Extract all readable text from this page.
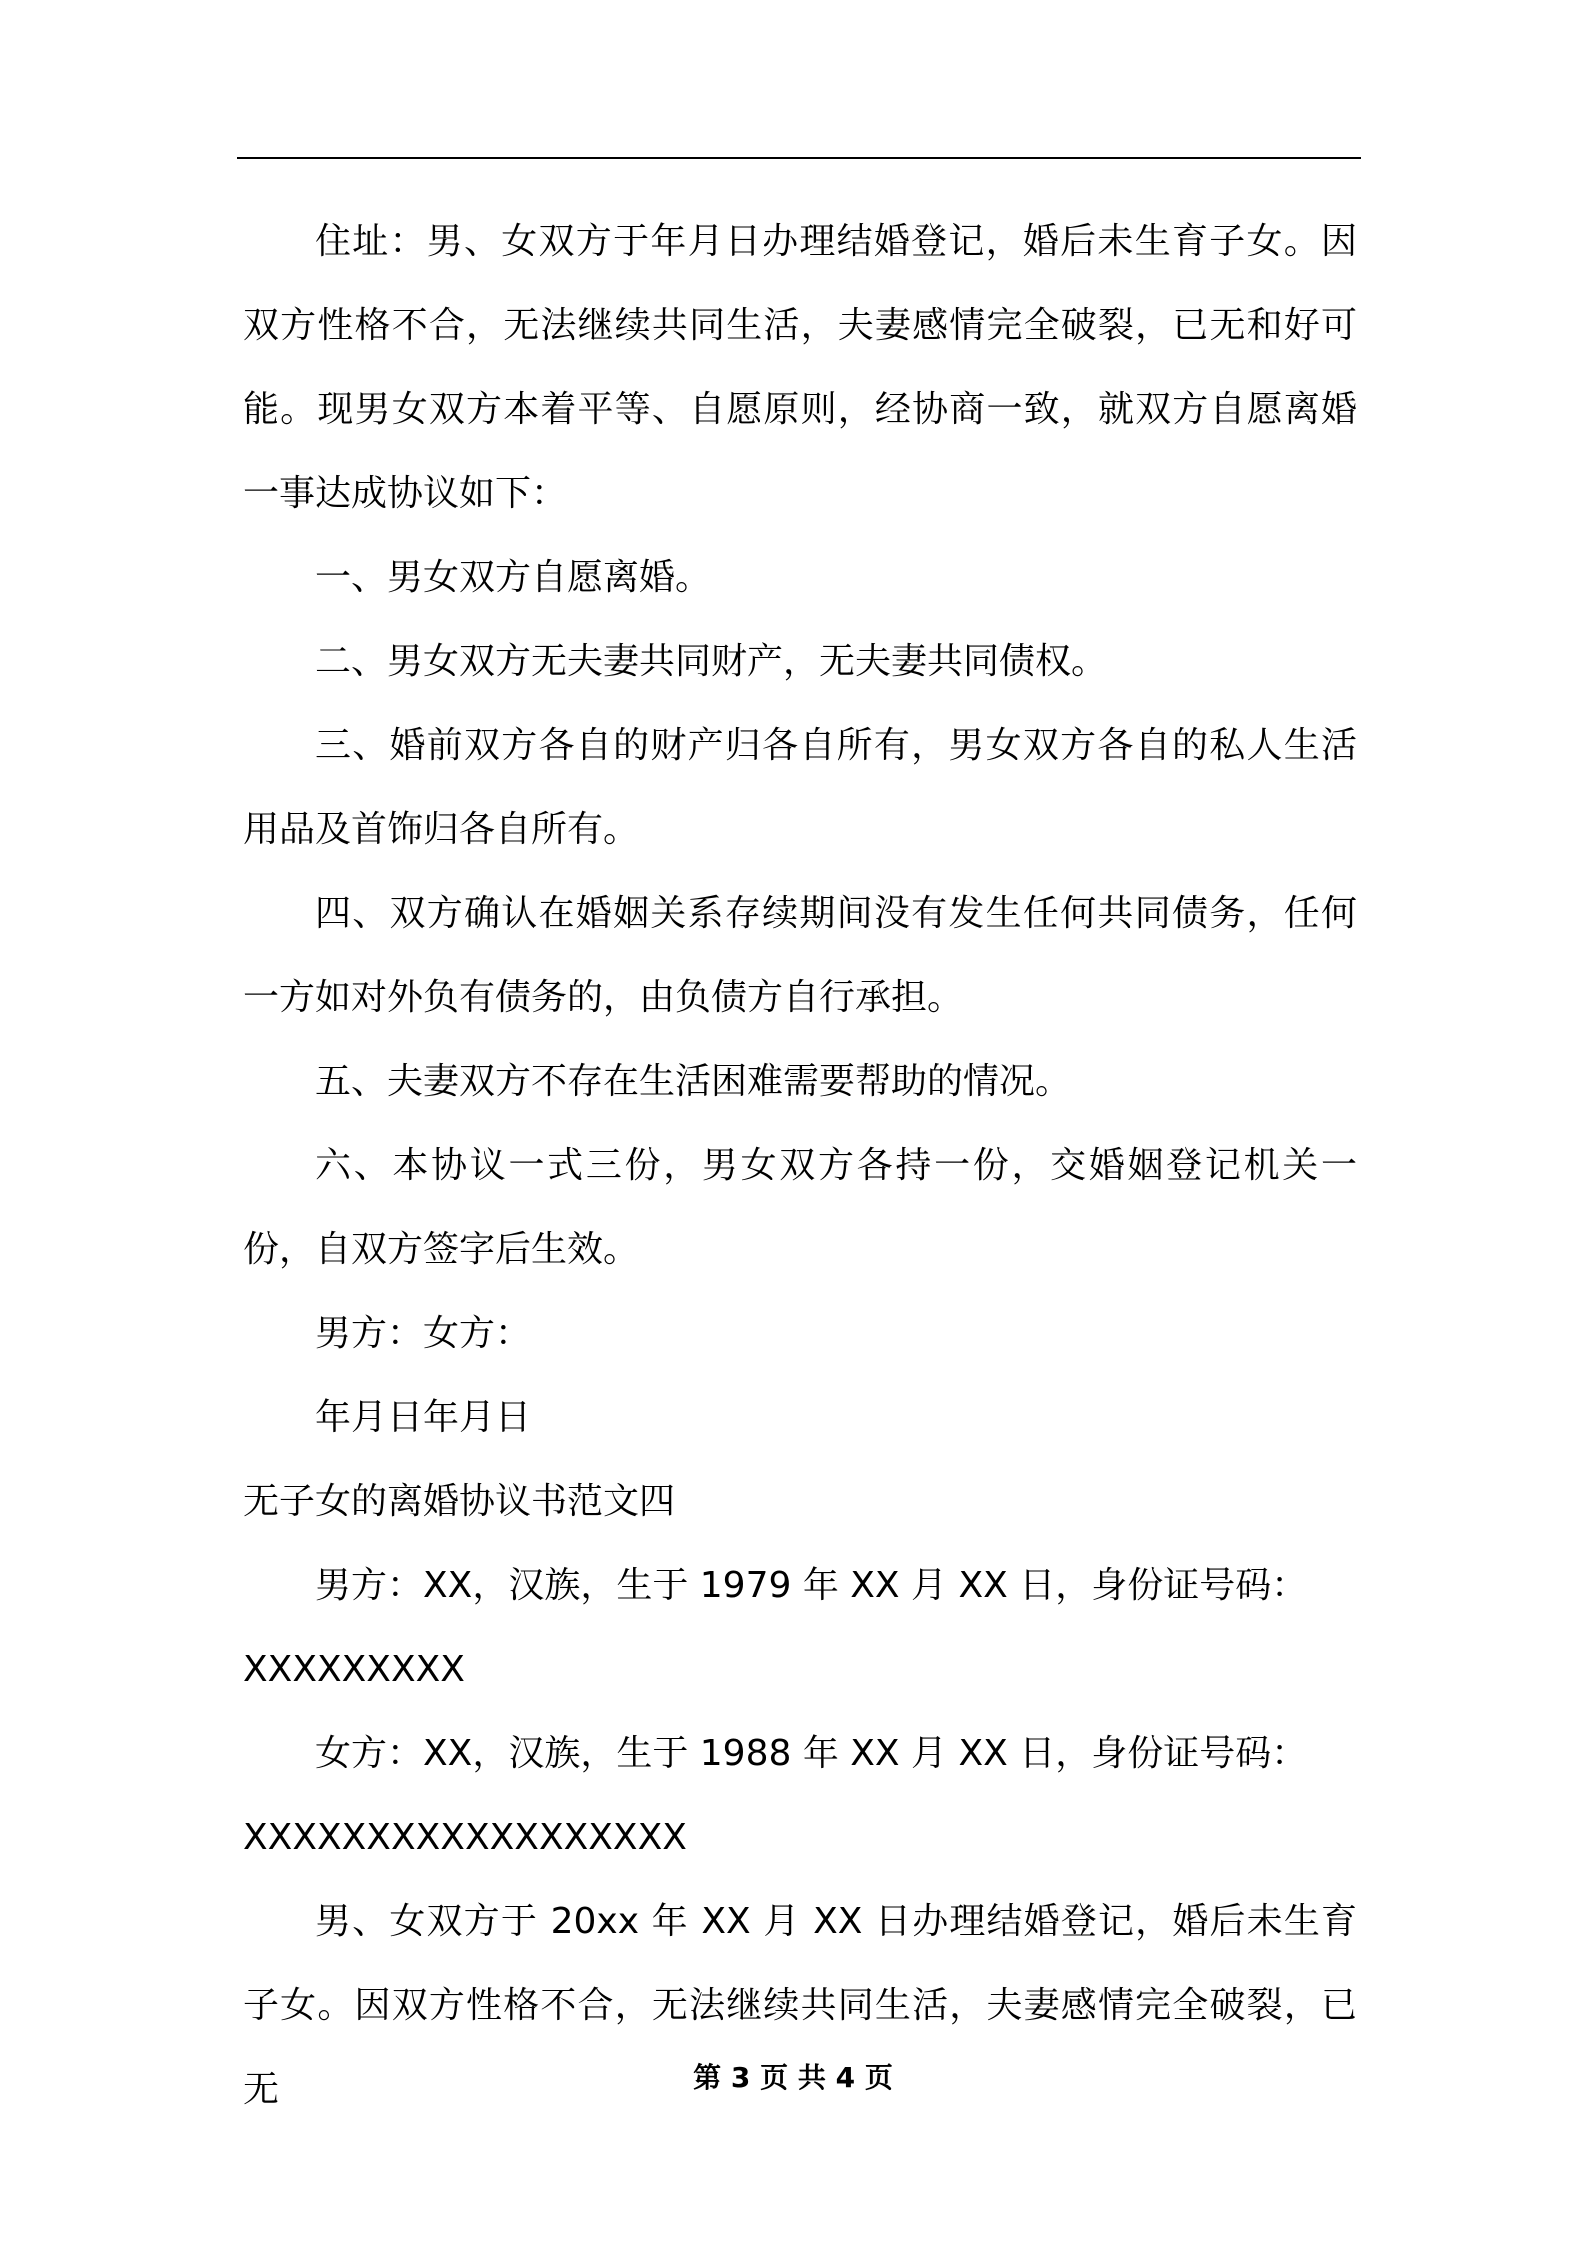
住址：男、女双方于年月日办理结婚登记，婚后未生育子女。因双方性格不合，无法继续共同生活，夫妻感情完全破裂，已无和好可能。现男女双方本着平等、自愿原则，经协商一致，就双方自愿离婚一事达成协议如下：

一、男女双方自愿离婚。

二、男女双方无夫妻共同财产，无夫妻共同债权。

三、婚前双方各自的财产归各自所有，男女双方各自的私人生活用品及首饰归各自所有。

四、双方确认在婚姻关系存续期间没有发生任何共同债务，任何一方如对外负有债务的，由负债方自行承担。

五、夫妻双方不存在生活困难需要帮助的情况。

六、本协议一式三份，男女双方各持一份，交婚姻登记机关一份，自双方签字后生效。

男方：女方：

年月日年月日

无子女的离婚协议书范文四

男方：XX，汉族，生于 1979 年 XX 月 XX 日，身份证号码：
XXXXXXXXX
女方：XX，汉族，生于 1988 年 XX 月 XX 日，身份证号码：
XXXXXXXXXXXXXXXXXX

男、女双方于 20xx 年 XX 月 XX 日办理结婚登记，婚后未生育子女。因双方性格不合，无法继续共同生活，夫妻感情完全破裂，已无	第 3 页 共 4 页
